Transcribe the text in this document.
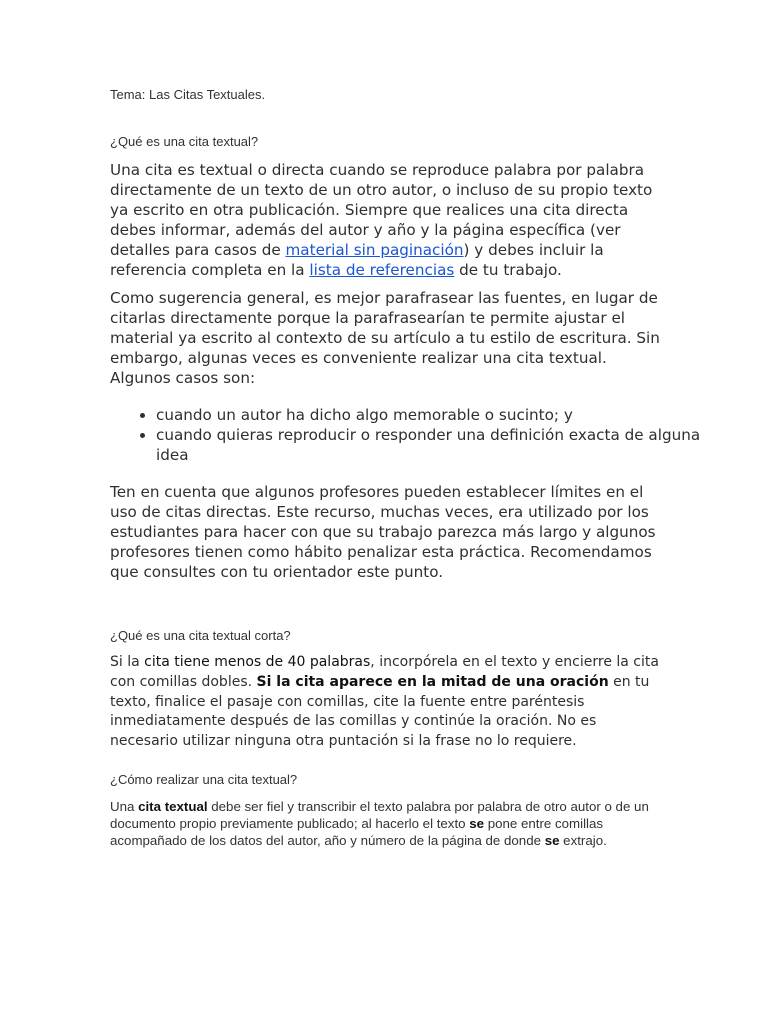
Tema: Las Citas Textuales.
¿Qué es una cita textual?

Una cita es textual o directa cuando se reproduce palabra por palabra directamente de un texto de un otro autor, o incluso de su propio texto ya escrito en otra publicación. Siempre que realices una cita directa debes informar, además del autor y año y la página específica (ver detalles para casos de material sin paginación) y debes incluir la referencia completa en la lista de referencias de tu trabajo.

Como sugerencia general, es mejor parafrasear las fuentes, en lugar de citarlas directamente porque la parafrasearían te permite ajustar el material ya escrito al contexto de su artículo a tu estilo de escritura. Sin embargo, algunas veces es conveniente realizar una cita textual. Algunos casos son:

• cuando un autor ha dicho algo memorable o sucinto; y
• cuando quieras reproducir o responder una definición exacta de alguna idea

Ten en cuenta que algunos profesores pueden establecer límites en el uso de citas directas. Este recurso, muchas veces, era utilizado por los estudiantes para hacer con que su trabajo parezca más largo y algunos profesores tienen como hábito penalizar esta práctica. Recomendamos que consultes con tu orientador este punto.

¿Qué es una cita textual corta?

Si la cita tiene menos de 40 palabras, incorpórela en el texto y encierre la cita con comillas dobles. Si la cita aparece en la mitad de una oración en tu texto, finalice el pasaje con comillas, cite la fuente entre paréntesis inmediatamente después de las comillas y continúe la oración. No es necesario utilizar ninguna otra puntación si la frase no lo requiere.

¿Cómo realizar una cita textual?

Una cita textual debe ser fiel y transcribir el texto palabra por palabra de otro autor o de un documento propio previamente publicado; al hacerlo el texto se pone entre comillas acompañado de los datos del autor, año y número de la página de donde se extrajo.
